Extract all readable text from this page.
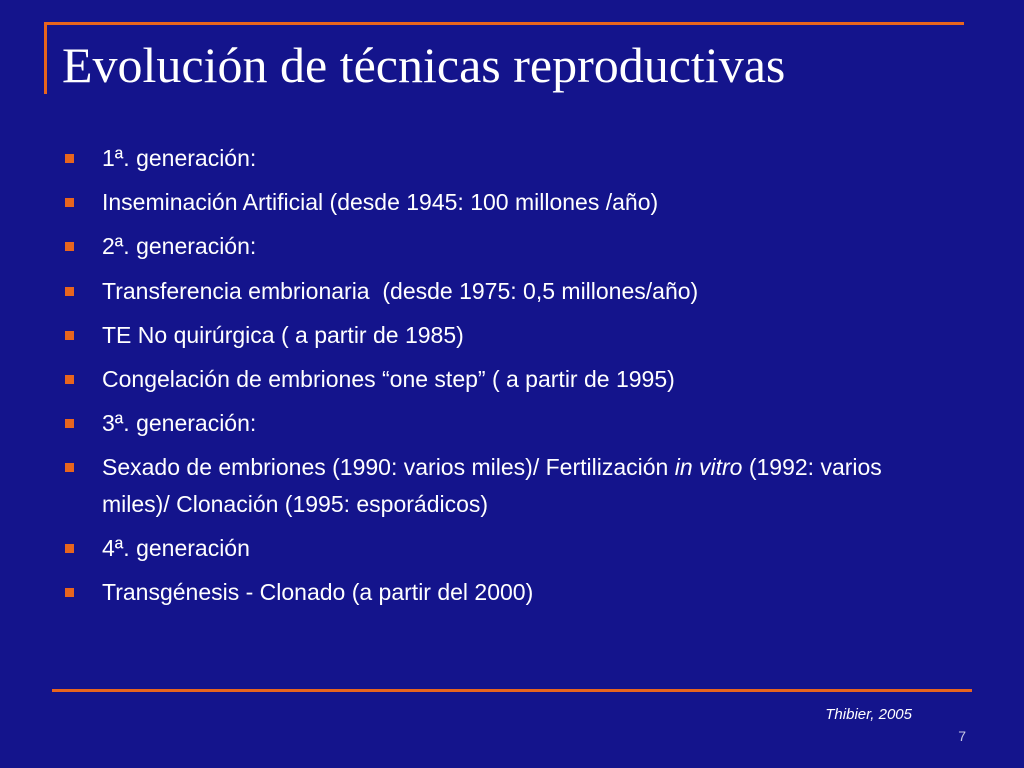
Evolución de técnicas reproductivas
1ª. generación:
Inseminación Artificial (desde 1945: 100 millones /año)
2ª. generación:
Transferencia embrionaria  (desde 1975: 0,5 millones/año)
TE No quirúrgica ( a partir de 1985)
Congelación de embriones “one step” ( a partir de 1995)
3ª. generación:
Sexado de embriones (1990: varios miles)/ Fertilización in vitro (1992: varios miles)/ Clonación (1995: esporádicos)
4ª. generación
Transgénesis - Clonado (a partir del 2000)
Thibier, 2005
7
